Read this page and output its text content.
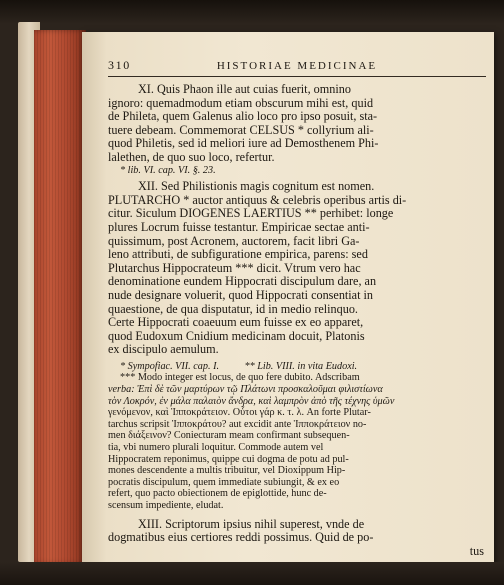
310	HISTORIAE MEDICINAE

XI. Quis Phaon ille aut cuias fuerit, omnino

ignoro: quemadmodum etiam obscurum mihi est, quid

de Phileta, quem Galenus alio loco pro ipso posuit, sta-

tuere debeam. Commemorat CELSUS * collyrium ali-

quod Philetis, sed id meliori iure ad Demosthenem Phi-

lalethen, de quo suo loco, refertur.

* lib. VI. cap. VI. §. 23.

XII. Sed Philistionis magis cognitum est nomen.

PLUTARCHO * auctor antiquus & celebris operibus artis di-

citur. Siculum DIOGENES LAERTIUS ** perhibet: longe

plures Locrum fuisse testantur. Empiricae sectae anti-

quissimum, post Acronem, auctorem, facit libri Ga-

leno attributi, de subfiguratione empirica, parens: sed

Plutarchus Hippocrateum *** dicit. Vtrum vero hac

denominatione eundem Hippocrati discipulum dare, an

nude designare voluerit, quod Hippocrati consentiat in

quaestione, de qua disputatur, id in medio relinquo.

Certe Hippocrati coaeuum eum fuisse ex eo apparet,

quod Eudoxum Cnidium medicinam docuit, Platonis

ex discipulo aemulum.

* Sympofiac. VII. cap. I.          ** Lib. VIII. in vita Eudoxi.

*** Modo integer est locus, de quo fere dubito. Adscribam

verba: Ἐπὶ δὲ τῶν μαρτύρων τῷ Πλάτωνι προσκαλοῦμαι φιλιστίωνα

τὸν Λοκρόν, ἐν μάλα παλαιὸν ἄνδρα, καὶ λαμπρὸν ἀπὸ τῆς τέχνης ὑμῶν

γενόμενον, καὶ Ἱπποκράτειον. Οὗτοι γάρ κ. τ. λ. An forte Plutar-

tarchus scripsit Ἱπποκράτου? aut excidit ante Ἱπποκράτειον no-

men διάξεινον? Coniecturam meam confirmant subsequen-

tia, vbi numero plurali loquitur. Commode autem vel

Hippocratem reponimus, quippe cui dogma de potu ad pul-

mones descendente a multis tribuitur, vel Dioxippum Hip-

pocratis discipulum, quem immediate subiungit, & ex eo

refert, quo pacto obiectionem de epiglottide, hunc de-

scensum impediente, eludat.

XIII. Scriptorum ipsius nihil superest, vnde de

dogmatibus eius certiores reddi possimus. Quid de po-

tus
